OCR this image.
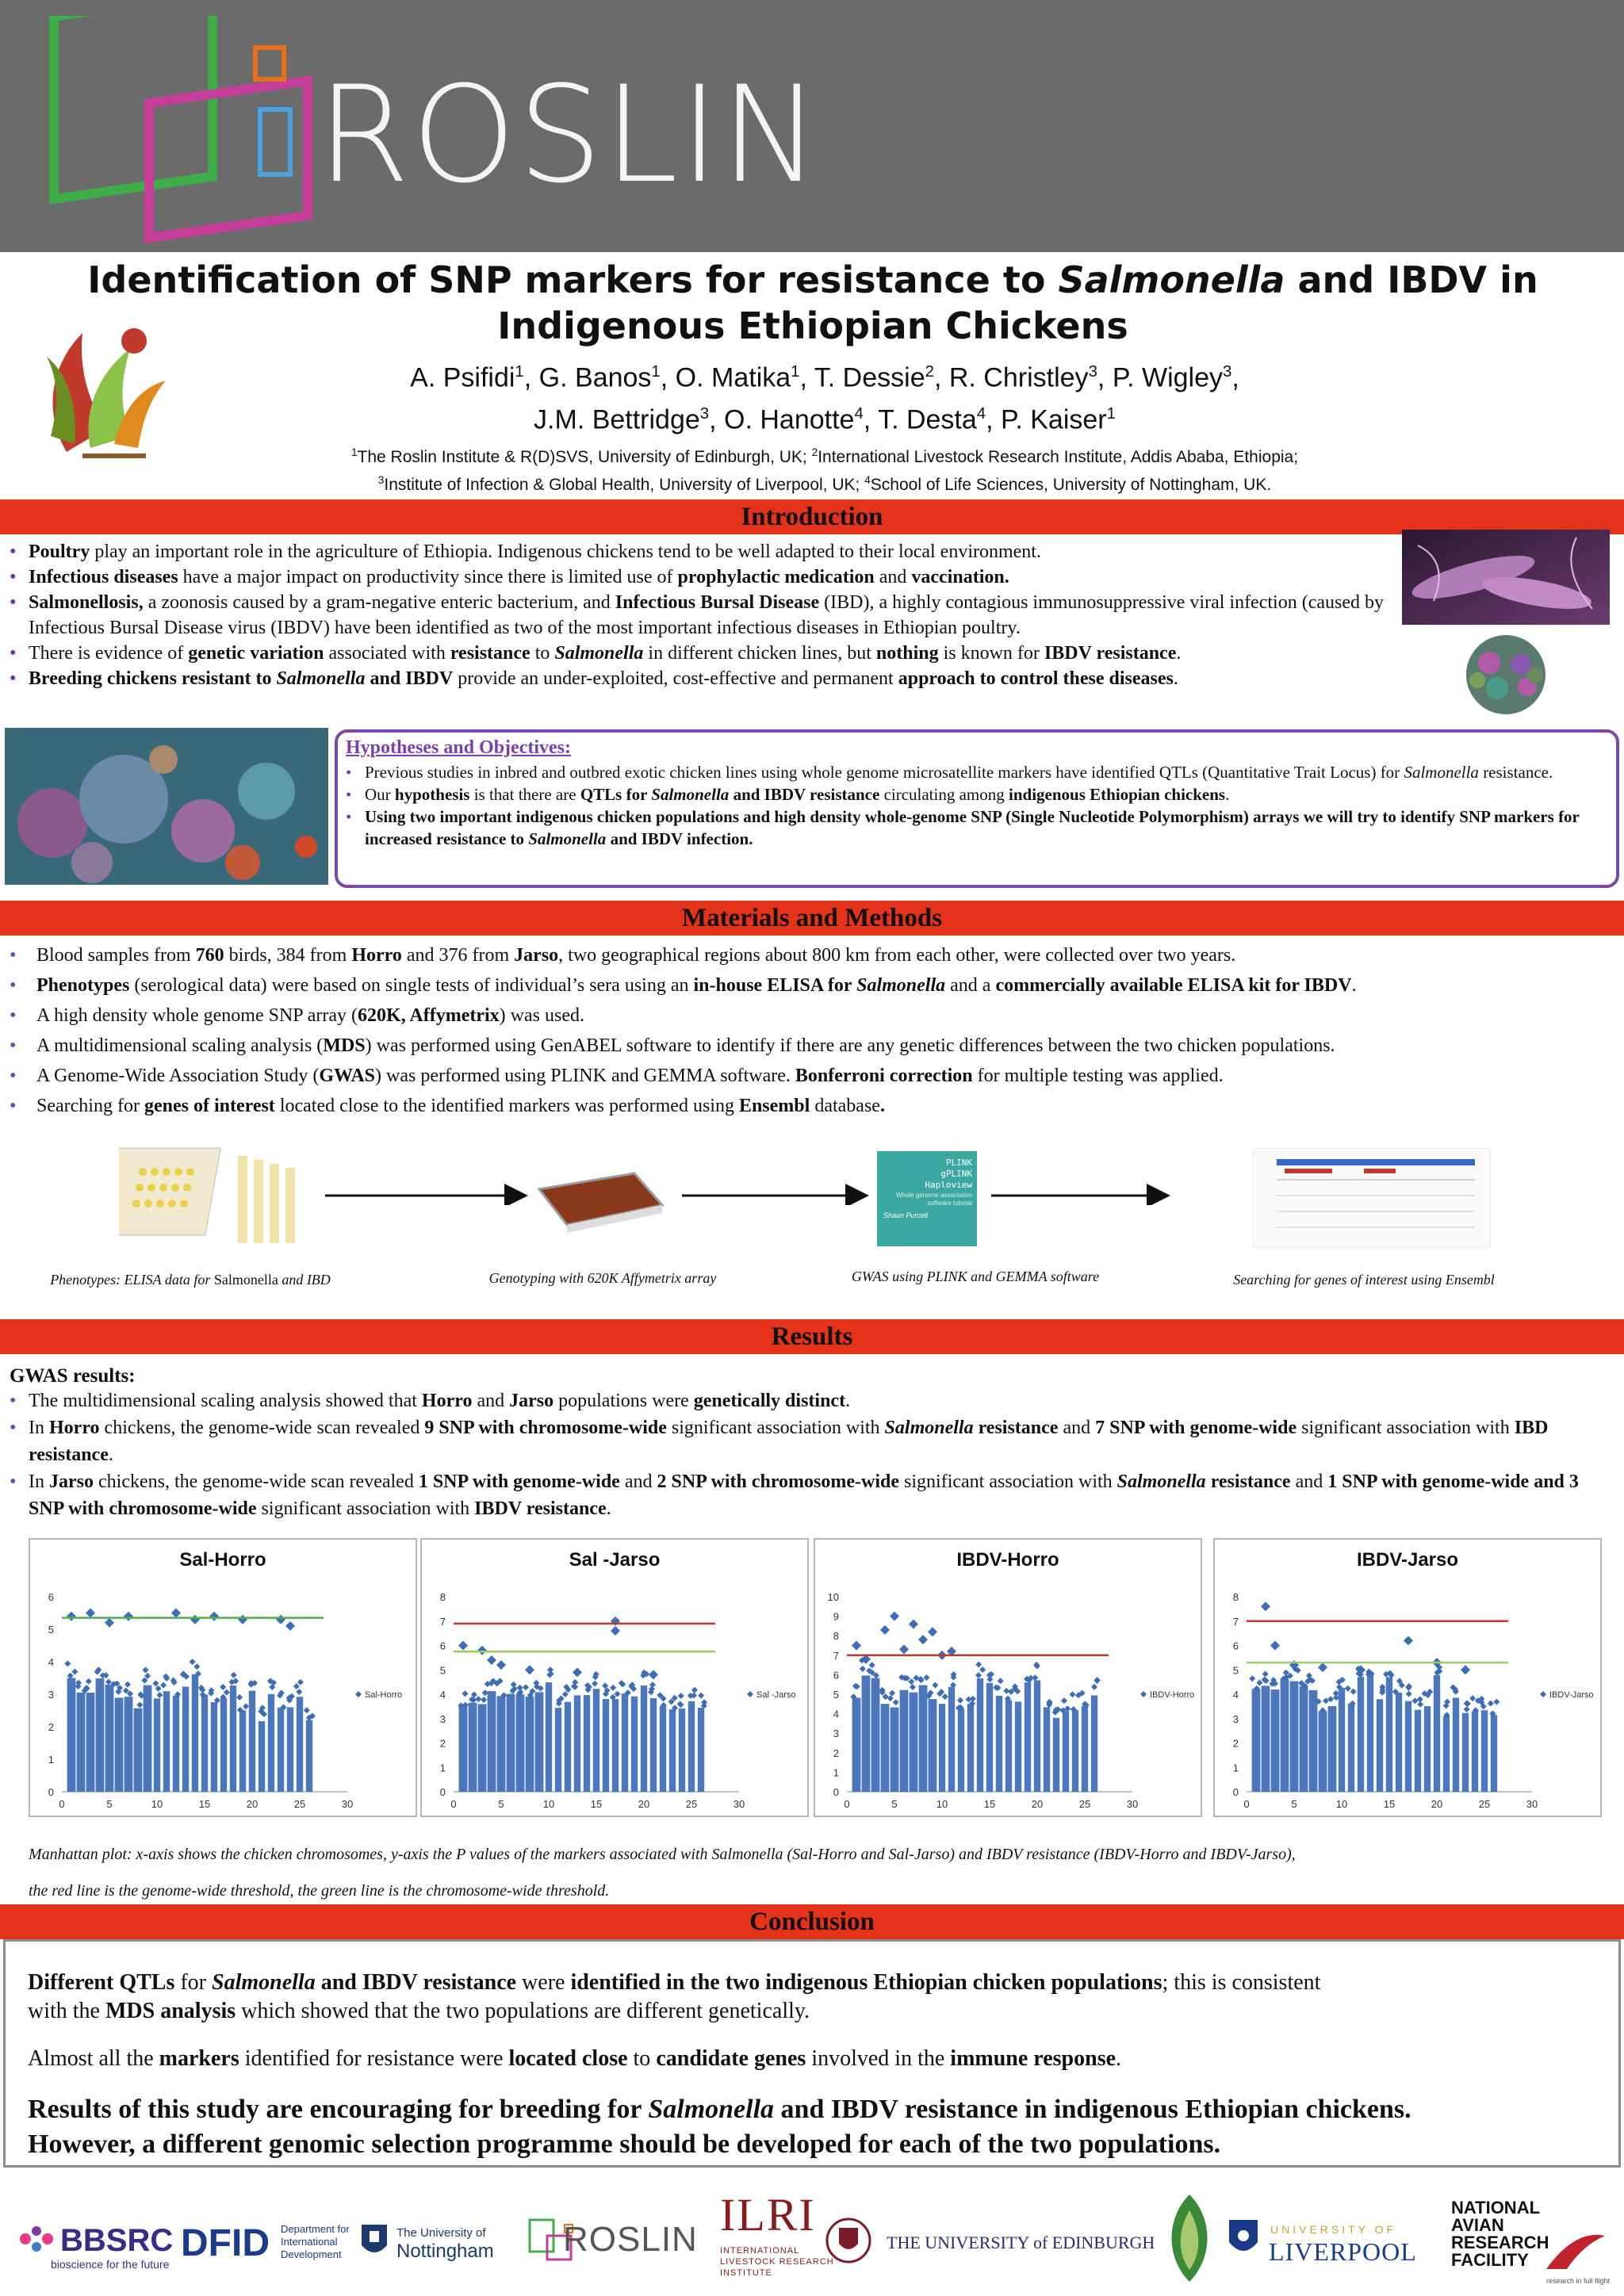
ROSLIN
Identification of SNP markers for resistance to Salmonella and IBDV in
Indigenous Ethiopian Chickens
A. Psifidi$^1$, G. Banos$^1$, O. Matika$^1$, T. Dessie$^2$, R. Christley$^3$, P. Wigley$^3$,
J.M. Bettridge$^3$, O. Hanotte$^4$, T. Desta$^4$, P. Kaiser$^1$
$^1$The Roslin Institute & R(D)SVS, University of Edinburgh, UK; $^2$International Livestock Research Institute, Addis Ababa, Ethiopia;
$^3$Institute of Infection & Global Health, University of Liverpool, UK; $^4$School of Life Sciences, University of Nottingham, UK.
Introduction
• Poultry play an important role in the agriculture of Ethiopia. Indigenous chickens tend to be well adapted to their local environment.
• Infectious diseases have a major impact on productivity since there is limited use of prophylactic medication and vaccination.
• Salmonellosis, a zoonosis caused by a gram-negative enteric bacterium, and Infectious Bursal Disease (IBD), a highly contagious immunosuppressive viral infection (caused by Infectious Bursal Disease virus (IBDV) have been identified as two of the most important infectious diseases in Ethiopian poultry.
• There is evidence of genetic variation associated with resistance to Salmonella in different chicken lines, but nothing is known for IBDV resistance.
• Breeding chickens resistant to Salmonella and IBDV provide an under-exploited, cost-effective and permanent approach to control these diseases.
Hypotheses and Objectives:
• Previous studies in inbred and outbred exotic chicken lines using whole genome microsatellite markers have identified QTLs (Quantitative Trait Locus) for Salmonella resistance.
• Our hypothesis is that there are QTLs for Salmonella and IBDV resistance circulating among indigenous Ethiopian chickens.
• Using two important indigenous chicken populations and high density whole-genome SNP (Single Nucleotide Polymorphism) arrays we will try to identify SNP markers for increased resistance to Salmonella and IBDV infection.
Materials and Methods
• Blood samples from 760 birds, 384 from Horro and 376 from Jarso, two geographical regions about 800 km from each other, were collected over two years.
• Phenotypes (serological data) were based on single tests of individual’s sera using an in-house ELISA for Salmonella and a commercially available ELISA kit for IBDV.
• A high density whole genome SNP array (620K, Affymetrix) was used.
• A multidimensional scaling analysis (MDS) was performed using GenABEL software to identify if there are any genetic differences between the two chicken populations.
• A Genome-Wide Association Study (GWAS) was performed using PLINK and GEMMA software. Bonferroni correction for multiple testing was applied.
• Searching for genes of interest located close to the identified markers was performed using Ensembl database.
PLINK
gPLINK
Haploview
Whole genome association
software tutorial
Shaun Purcell
Phenotypes: ELISA data for Salmonella and IBD	Genotyping with 620K Affymetrix array	GWAS using PLINK and GEMMA software	Searching for genes of interest using Ensembl
Results
GWAS results:
• The multidimensional scaling analysis showed that Horro and Jarso populations were genetically distinct.
• In Horro chickens, the genome-wide scan revealed 9 SNP with chromosome-wide significant association with Salmonella resistance and 7 SNP with genome-wide significant association with IBD resistance.
• In Jarso chickens, the genome-wide scan revealed 1 SNP with genome-wide and 2 SNP with chromosome-wide significant association with Salmonella resistance and 1 SNP with genome-wide and 3 SNP with chromosome-wide significant association with IBDV resistance.
Sal-Horro
0
1
2
3
4
5
6
0	5	10	15	20	25	30
Sal-Horro
Sal -Jarso
0
1
2
3
4
5
6
7
8
0	5	10	15	20	25	30
Sal -Jarso
IBDV-Horro
0
1
2
3
4
5
6
7
8
9
10
0	5	10	15	20	25	30
IBDV-Horro
IBDV-Jarso
0
1
2
3
4
5
6
7
8
0	5	10	15	20	25	30
IBDV-Jarso
Manhattan plot: x-axis shows the chicken chromosomes, y-axis the P values of the markers associated with Salmonella (Sal-Horro and Sal-Jarso) and IBDV resistance (IBDV-Horro and IBDV-Jarso),
the red line is the genome-wide threshold, the green line is the chromosome-wide threshold.
Conclusion
Different QTLs for Salmonella and IBDV resistance were identified in the two indigenous Ethiopian chicken populations; this is consistent
with the MDS analysis which showed that the two populations are different genetically.
Almost all the markers identified for resistance were located close to candidate genes involved in the immune response.
Results of this study are encouraging for breeding for Salmonella and IBDV resistance in indigenous Ethiopian chickens.
However, a different genomic selection programme should be developed for each of the two populations.
BBSRC
bioscience for the future DFID Department for
International
Development
The University of
Nottingham ROSLIN ILRI
INTERNATIONAL
LIVESTOCK RESEARCH
INSTITUTE
THE UNIVERSITY of EDINBURGH
UNIVERSITY OF
LIVERPOOL
NATIONAL
AVIAN
RESEARCH
FACILITY
research in full flight
